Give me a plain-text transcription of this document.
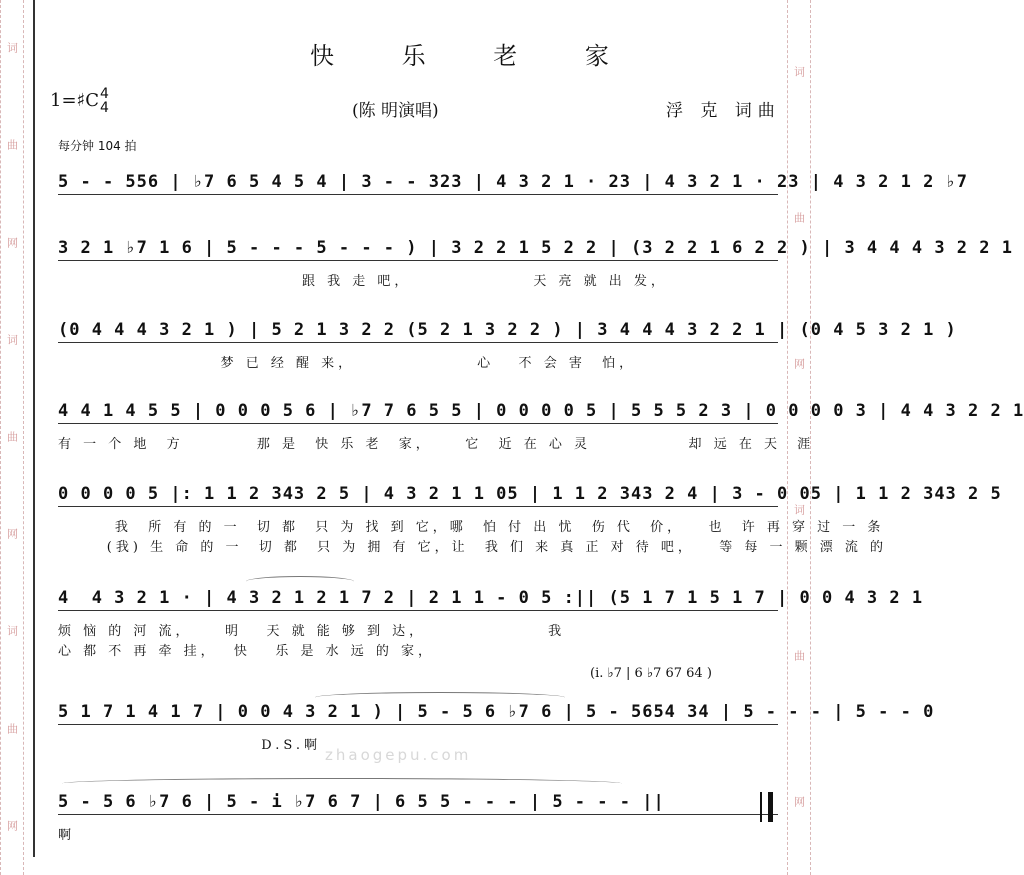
词
曲
网
词
曲
网
词
曲
网
词
曲
网
词
曲
网
快 乐 老 家
1=♯C 4
4	(陈 明演唱)	浮 克 词曲
每分钟 104 拍
5 - - 556 | ♭7 6 5 4 5 4 | 3 - - 323 | 4 3 2 1 · 23 | 4 3 2 1 · 23 | 4 3 2 1 2 ♭7
3 2 1 ♭7 1 6 | 5 - - - 5 - - - ) | 3 2 2 1 5 2 2 | (3 2 2 1 6 2 2 ) | 3 4 4 4 3 2 2 1
跟 我 走 吧，               天 亮 就 出 发，
(0 4 4 4 3 2 1 ) | 5 2 1 3 2 2 (5 2 1 3 2 2 ) | 3 4 4 4 3 2 2 1 | (0 4 5 3 2 1 )
梦 已 经 醒 来，               心   不 会 害  怕，
4 4 1 4 5 5 | 0 0 0 5 6 | ♭7 7 6 5 5 | 0 0 0 0 5 | 5 5 5 2 3 | 0 0 0 0 3 | 4 4 3 2 2 1
有 一 个 地  方         那 是  快 乐 老  家，    它  近 在 心 灵            却 远 在 天  涯
0 0 0 0 5 |: 1 1 2 343 2 5 | 4 3 2 1 1 05 | 1 1 2 343 2 4 | 3 - 0 05 | 1 1 2 343 2 5
我  所 有 的 一  切 都  只 为 找 到 它，哪  怕 付 出 忧  伤 代  价，   也  许 再 穿 过 一 条
(我) 生 命 的 一  切 都  只 为 拥 有 它，让  我 们 来 真 正 对 待 吧，   等 每 一 颗 漂 流 的
4  4 3 2 1 · | 4 3 2 1 2 1 7 2 | 2 1 1 - 0 5 :|| (5 1 7 1 5 1 7 | 0 0 4 3 2 1
烦 恼 的 河 流，    明   天 就 能 够 到 达，               我
心 都 不 再 牵 挂，  快   乐 是 水 远 的 家，
(i. ♭7 | 6 ♭7 67 64 )
5 1 7 1 4 1 7 | 0 0 4 3 2 1 ) | 5 - 5 6 ♭7 6 | 5 - 5654 34 | 5 - - - | 5 - - 0
D.S.啊
5 - 5 6 ♭7 6 | 5 - i ♭7 6 7 | 6 5 5 - - - | 5 - - - ||
啊
zhaogepu.com
